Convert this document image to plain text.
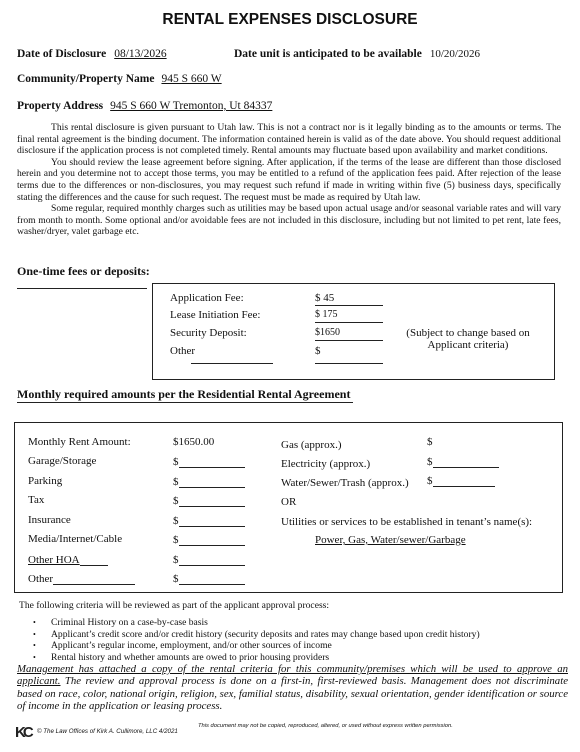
RENTAL EXPENSES DISCLOSURE
Date of Disclosure 08/13/2026	Date unit is anticipated to be available 10/20/2026
Community/Property Name 945 S 660 W
Property Address 945 S 660 W Tremonton, Ut 84337

This rental disclosure is given pursuant to Utah law. This is not a contract nor is it legally binding as to the amounts or terms. The final rental agreement is the binding document. The information contained herein is valid as of the date above. You should request additional disclosure if the application process is not completed timely. Rental amounts may fluctuate based upon availability and market conditions.

You should review the lease agreement before signing. After application, if the terms of the lease are different than those disclosed herein and you determine not to accept those terms, you may be entitled to a refund of the application fees paid. After rejection of the lease terms due to the differences or non-disclosures, you may request such refund if made in writing within five (5) business days, specifically stating the differences and the cause for such request. The request must be made as required by Utah law.

Some regular, required monthly charges such as utilities may be based upon actual usage and/or seasonal variable rates and will vary from month to month. Some optional and/or avoidable fees are not included in this disclosure, including but not limited to pet rent, late fees, washer/dryer, valet garbage etc.

One-time fees or deposits:
Application Fee:	$ 45
Lease Initiation Fee:	$ 175
Security Deposit:	$1650
Other	$
(Subject to change based on Applicant criteria)
Monthly required amounts per the Residential Rental Agreement
Monthly Rent Amount:	$1650.00
Garage/Storage	$
Parking	$
Tax	$
Insurance	$
Media/Internet/Cable	$
Other HOA	$
Other	$
Gas (approx.)	$
Electricity (approx.)	$
Water/Sewer/Trash (approx.) $
OR
Utilities or services to be established in tenant’s name(s):
Power, Gas, Water/sewer/Garbage
The following criteria will be reviewed as part of the applicant approval process:
• Criminal History on a case-by-case basis
• Applicant’s credit score and/or credit history (security deposits and rates may change based upon credit history)
• Applicant’s regular income, employment, and/or other sources of income
• Rental history and whether amounts are owed to prior housing providers
Management has attached a copy of the rental criteria for this community/premises which will be used to approve an applicant. The review and approval process is done on a first-in, first-reviewed basis. Management does not discriminate based on race, color, national origin, religion, sex, familial status, disability, sexual orientation, gender identification or source of income in the application or leasing process.
KC © The Law Offices of Kirk A. Cullimore, LLC 4/2021
This document may not be copied, reproduced, altered, or used without express written permission.
